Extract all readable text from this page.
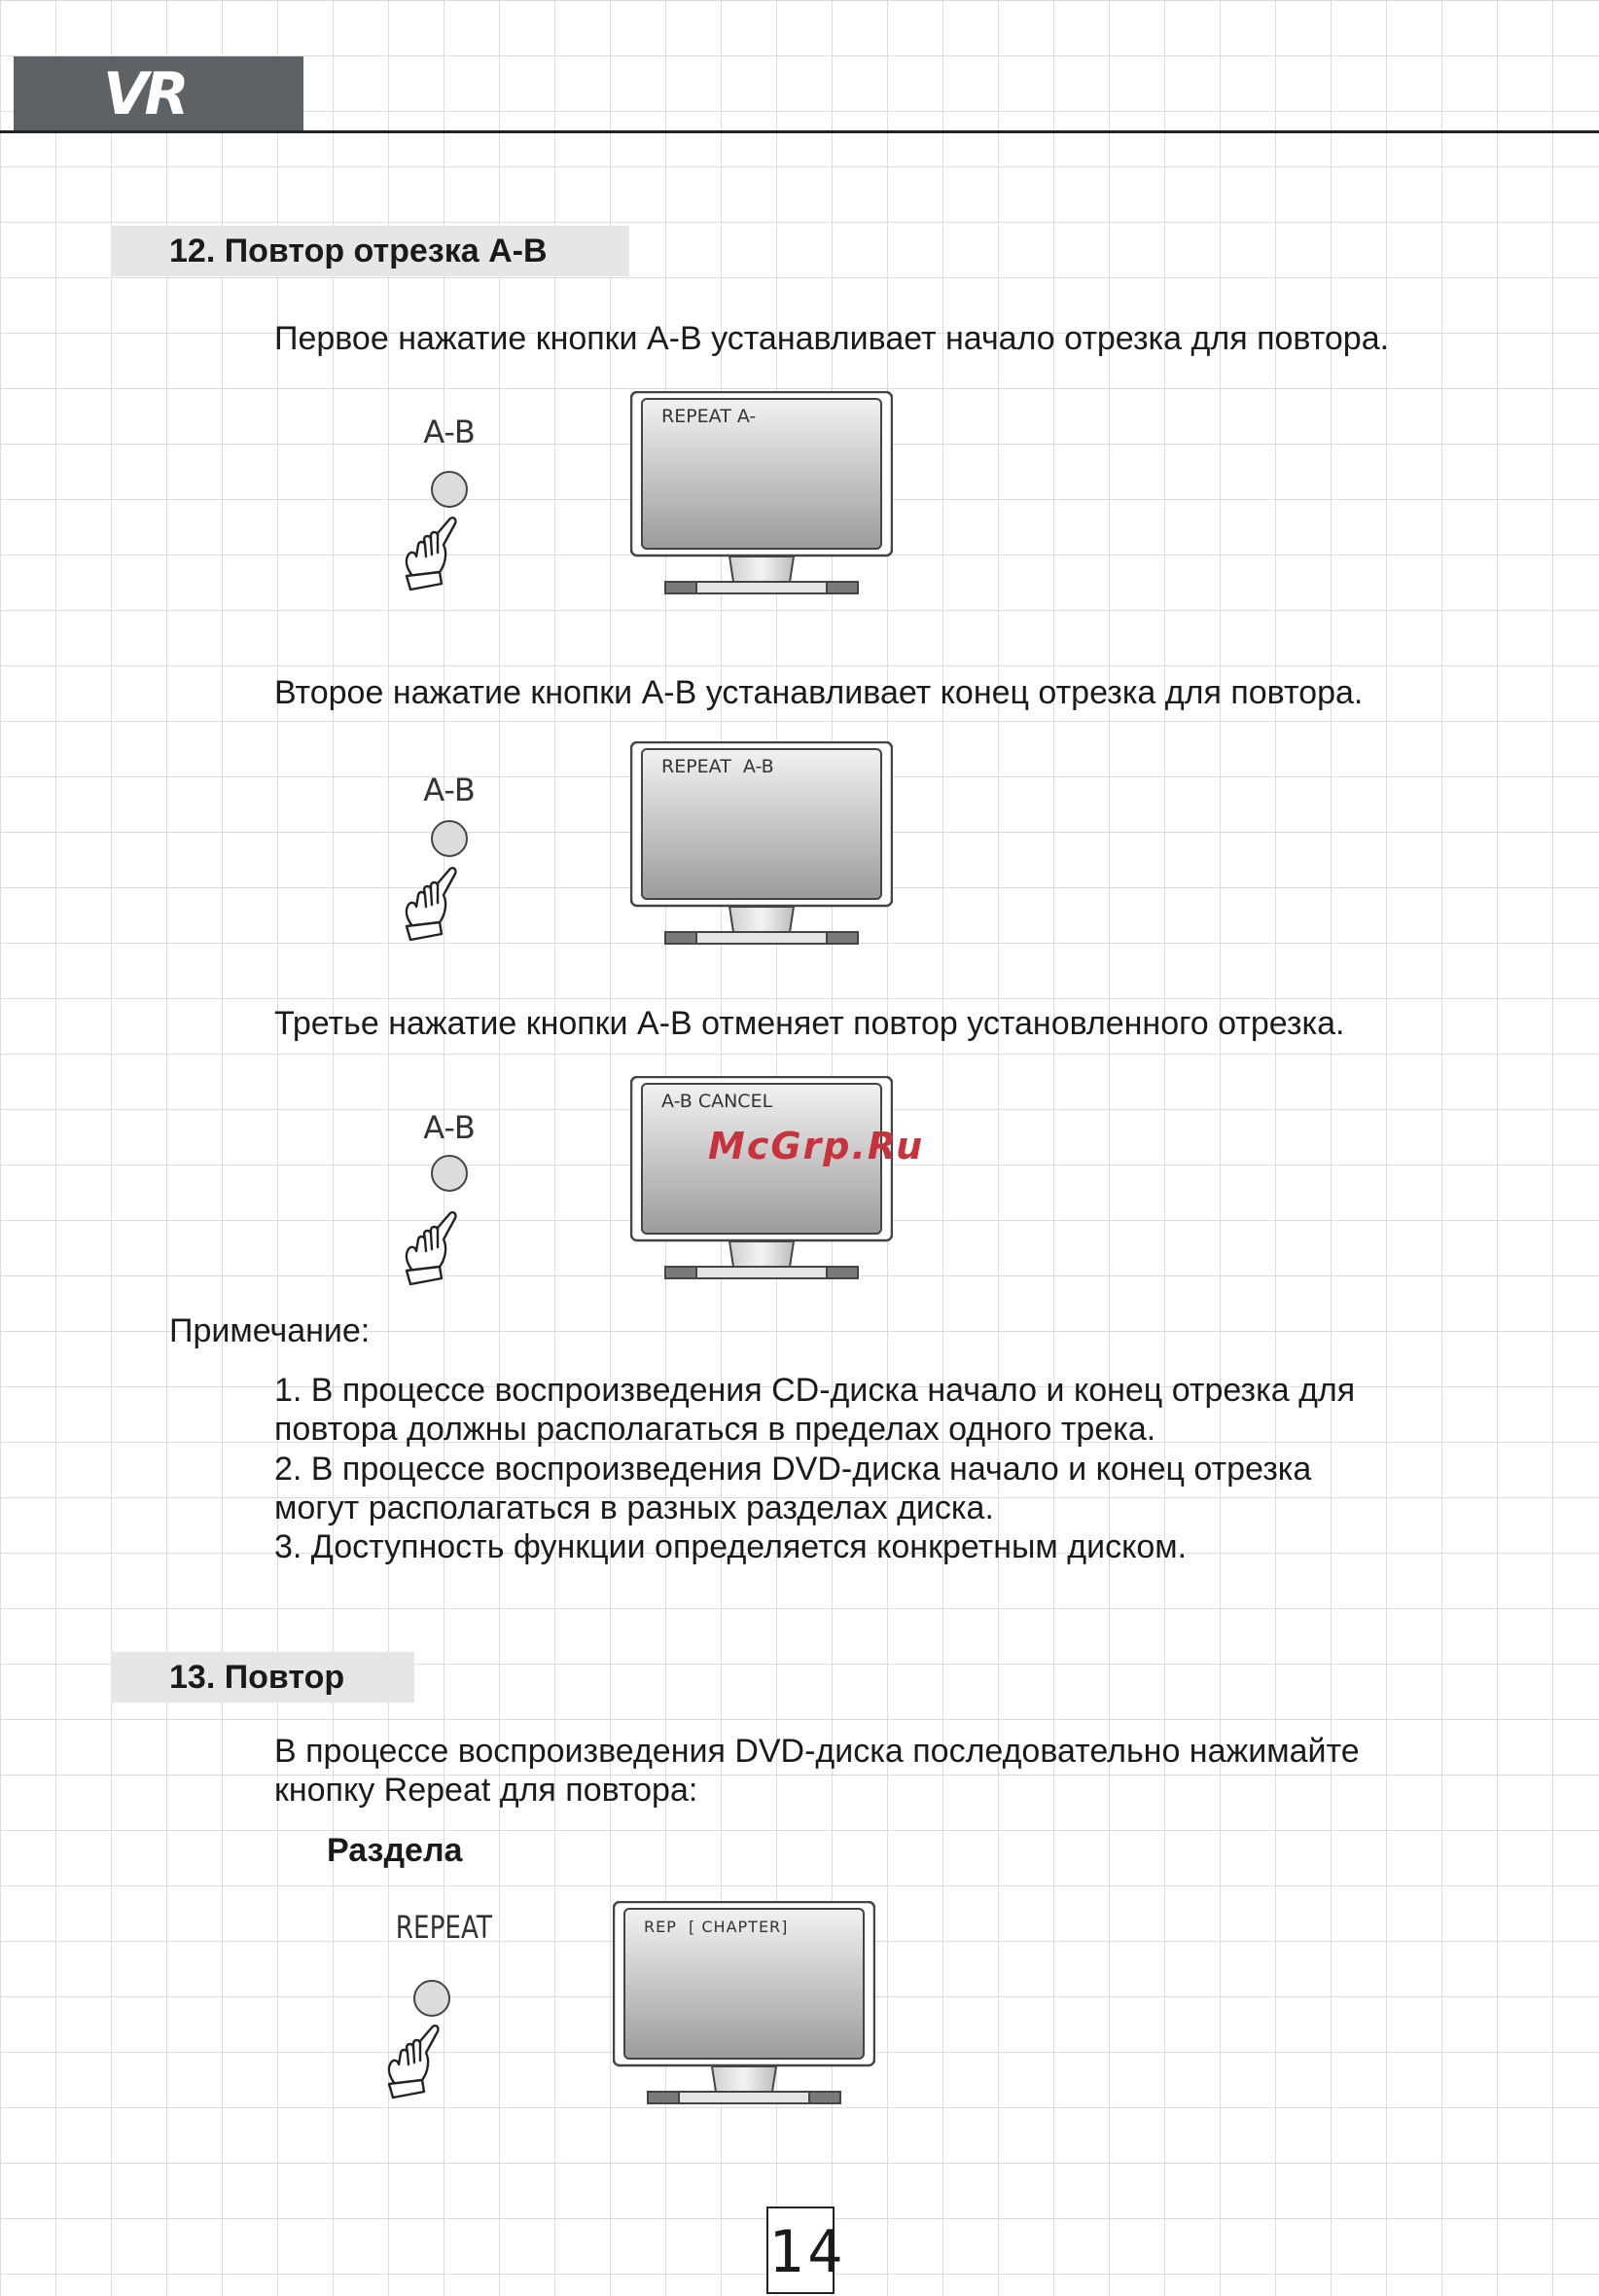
VR
12. Повтор отрезка A-B
Первое нажатие кнопки A-B устанавливает начало отрезка для повтора.
A-B	REPEAT A-
Второе нажатие кнопки A-B устанавливает конец отрезка для повтора.
A-B
REPEAT  A-B
Третье нажатие кнопки A-B отменяет повтор установленного отрезка.
A-B
A-B CANCEL
McGrp.Ru
Примечание:
1. В процессе воспроизведения CD-диска начало и конец отрезка для
повтора должны располагаться в пределах одного трека.
2. В процессе воспроизведения DVD-диска начало и конец отрезка
могут располагаться в разных разделах диска.
3. Доступность функции определяется конкретным диском.
13. Повтор
В процессе воспроизведения DVD-диска последовательно нажимайте
кнопку Repeat для повтора:
Раздела
REPEAT	REP  [ CHAPTER]
14
